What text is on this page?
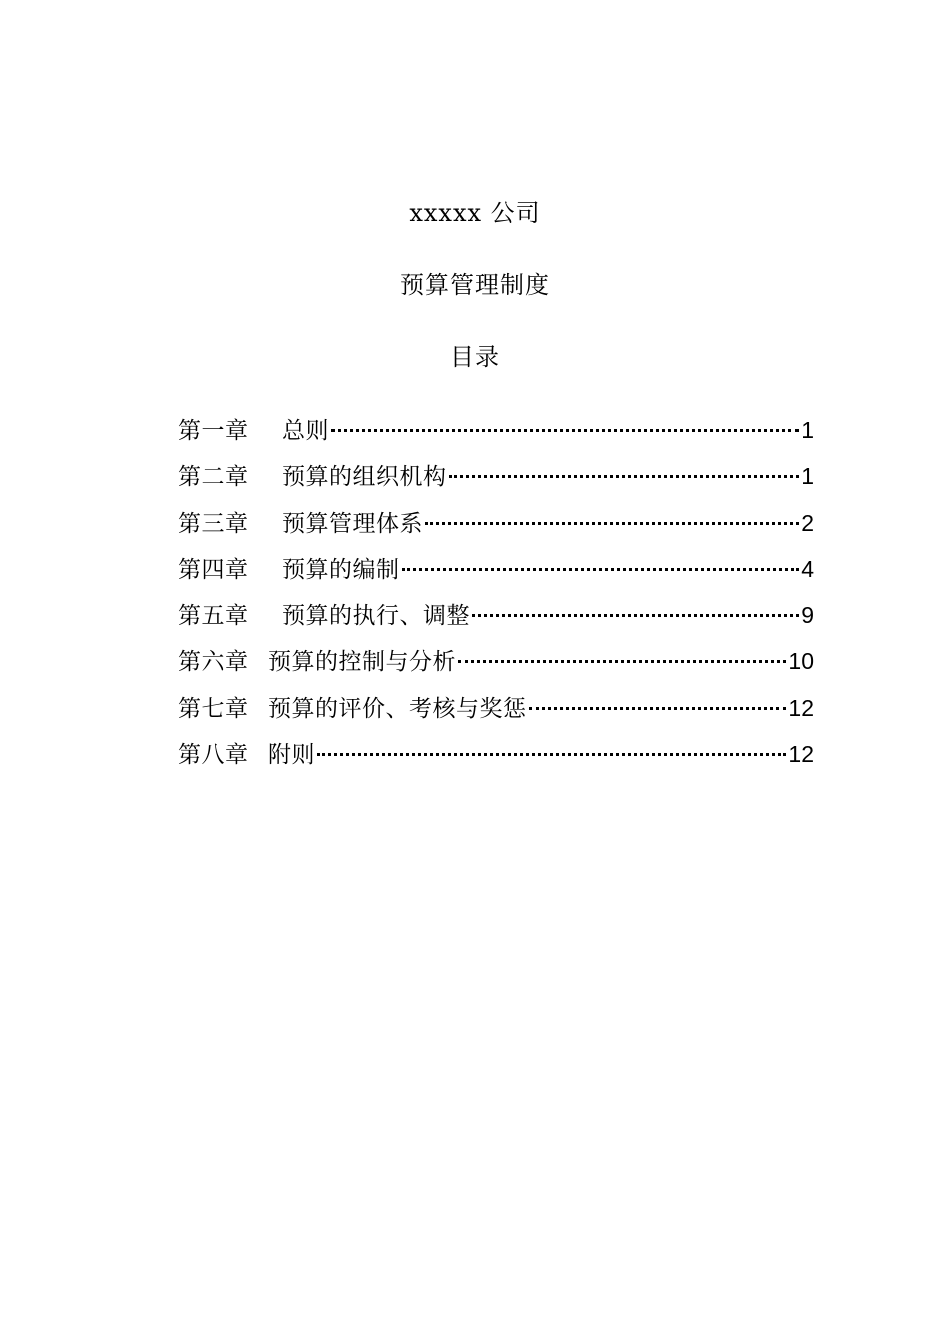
xxxxx 公司
预算管理制度
目录
第一章	总则	1
第二章	预算的组织机构	1
第三章	预算管理体系	2
第四章	预算的编制	4
第五章	预算的执行、调整	9
第六章 预算的控制与分析	10
第七章 预算的评价、考核与奖惩	12
第八章 附则	12
